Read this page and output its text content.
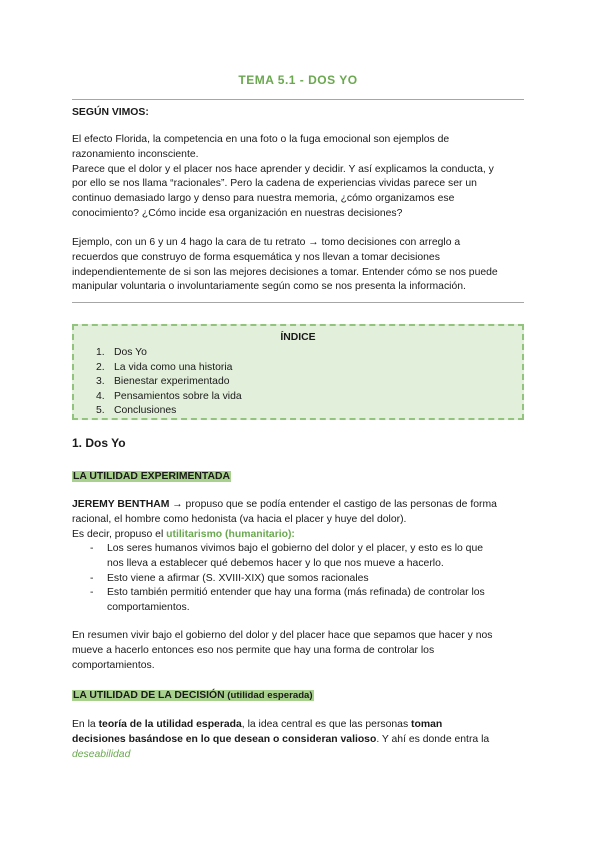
TEMA 5.1 - DOS YO
SEGÚN VIMOS:
El efecto Florida, la competencia en una foto o la fuga emocional son ejemplos de
razonamiento inconsciente.
Parece que el dolor y el placer nos hace aprender y decidir. Y así explicamos la conducta, y
por ello se nos llama “racionales”. Pero la cadena de experiencias vividas parece ser un
continuo demasiado largo y denso para nuestra memoria, ¿cómo organizamos ese
conocimiento? ¿Cómo incide esa organización en nuestras decisiones?
Ejemplo, con un 6 y un 4 hago la cara de tu retrato → tomo decisiones con arreglo a
recuerdos que construyo de forma esquemática y nos llevan a tomar decisiones
independientemente de si son las mejores decisiones a tomar. Entender cómo se nos puede
manipular voluntaria o involuntariamente según como se nos presenta la información.
ÍNDICE
1. Dos Yo
2. La vida como una historia
3. Bienestar experimentado
4. Pensamientos sobre la vida
5. Conclusiones
1. Dos Yo
LA UTILIDAD EXPERIMENTADA
JEREMY BENTHAM → propuso que se podía entender el castigo de las personas de forma
racional, el hombre como hedonista (va hacia el placer y huye del dolor).
Es decir, propuso el utilitarismo (humanitario):
- Los seres humanos vivimos bajo el gobierno del dolor y el placer, y esto es lo que
nos lleva a establecer qué debemos hacer y lo que nos mueve a hacerlo.
- Esto viene a afirmar (S. XVIII-XIX) que somos racionales
- Esto también permitió entender que hay una forma (más refinada) de controlar los
comportamientos.
En resumen vivir bajo el gobierno del dolor y del placer hace que sepamos que hacer y nos
mueve a hacerlo entonces eso nos permite que hay una forma de controlar los
comportamientos.
LA UTILIDAD DE LA DECISIÓN (utilidad esperada)
En la teoría de la utilidad esperada, la idea central es que las personas toman
decisiones basándose en lo que desean o consideran valioso. Y ahí es donde entra la
deseabilidad
